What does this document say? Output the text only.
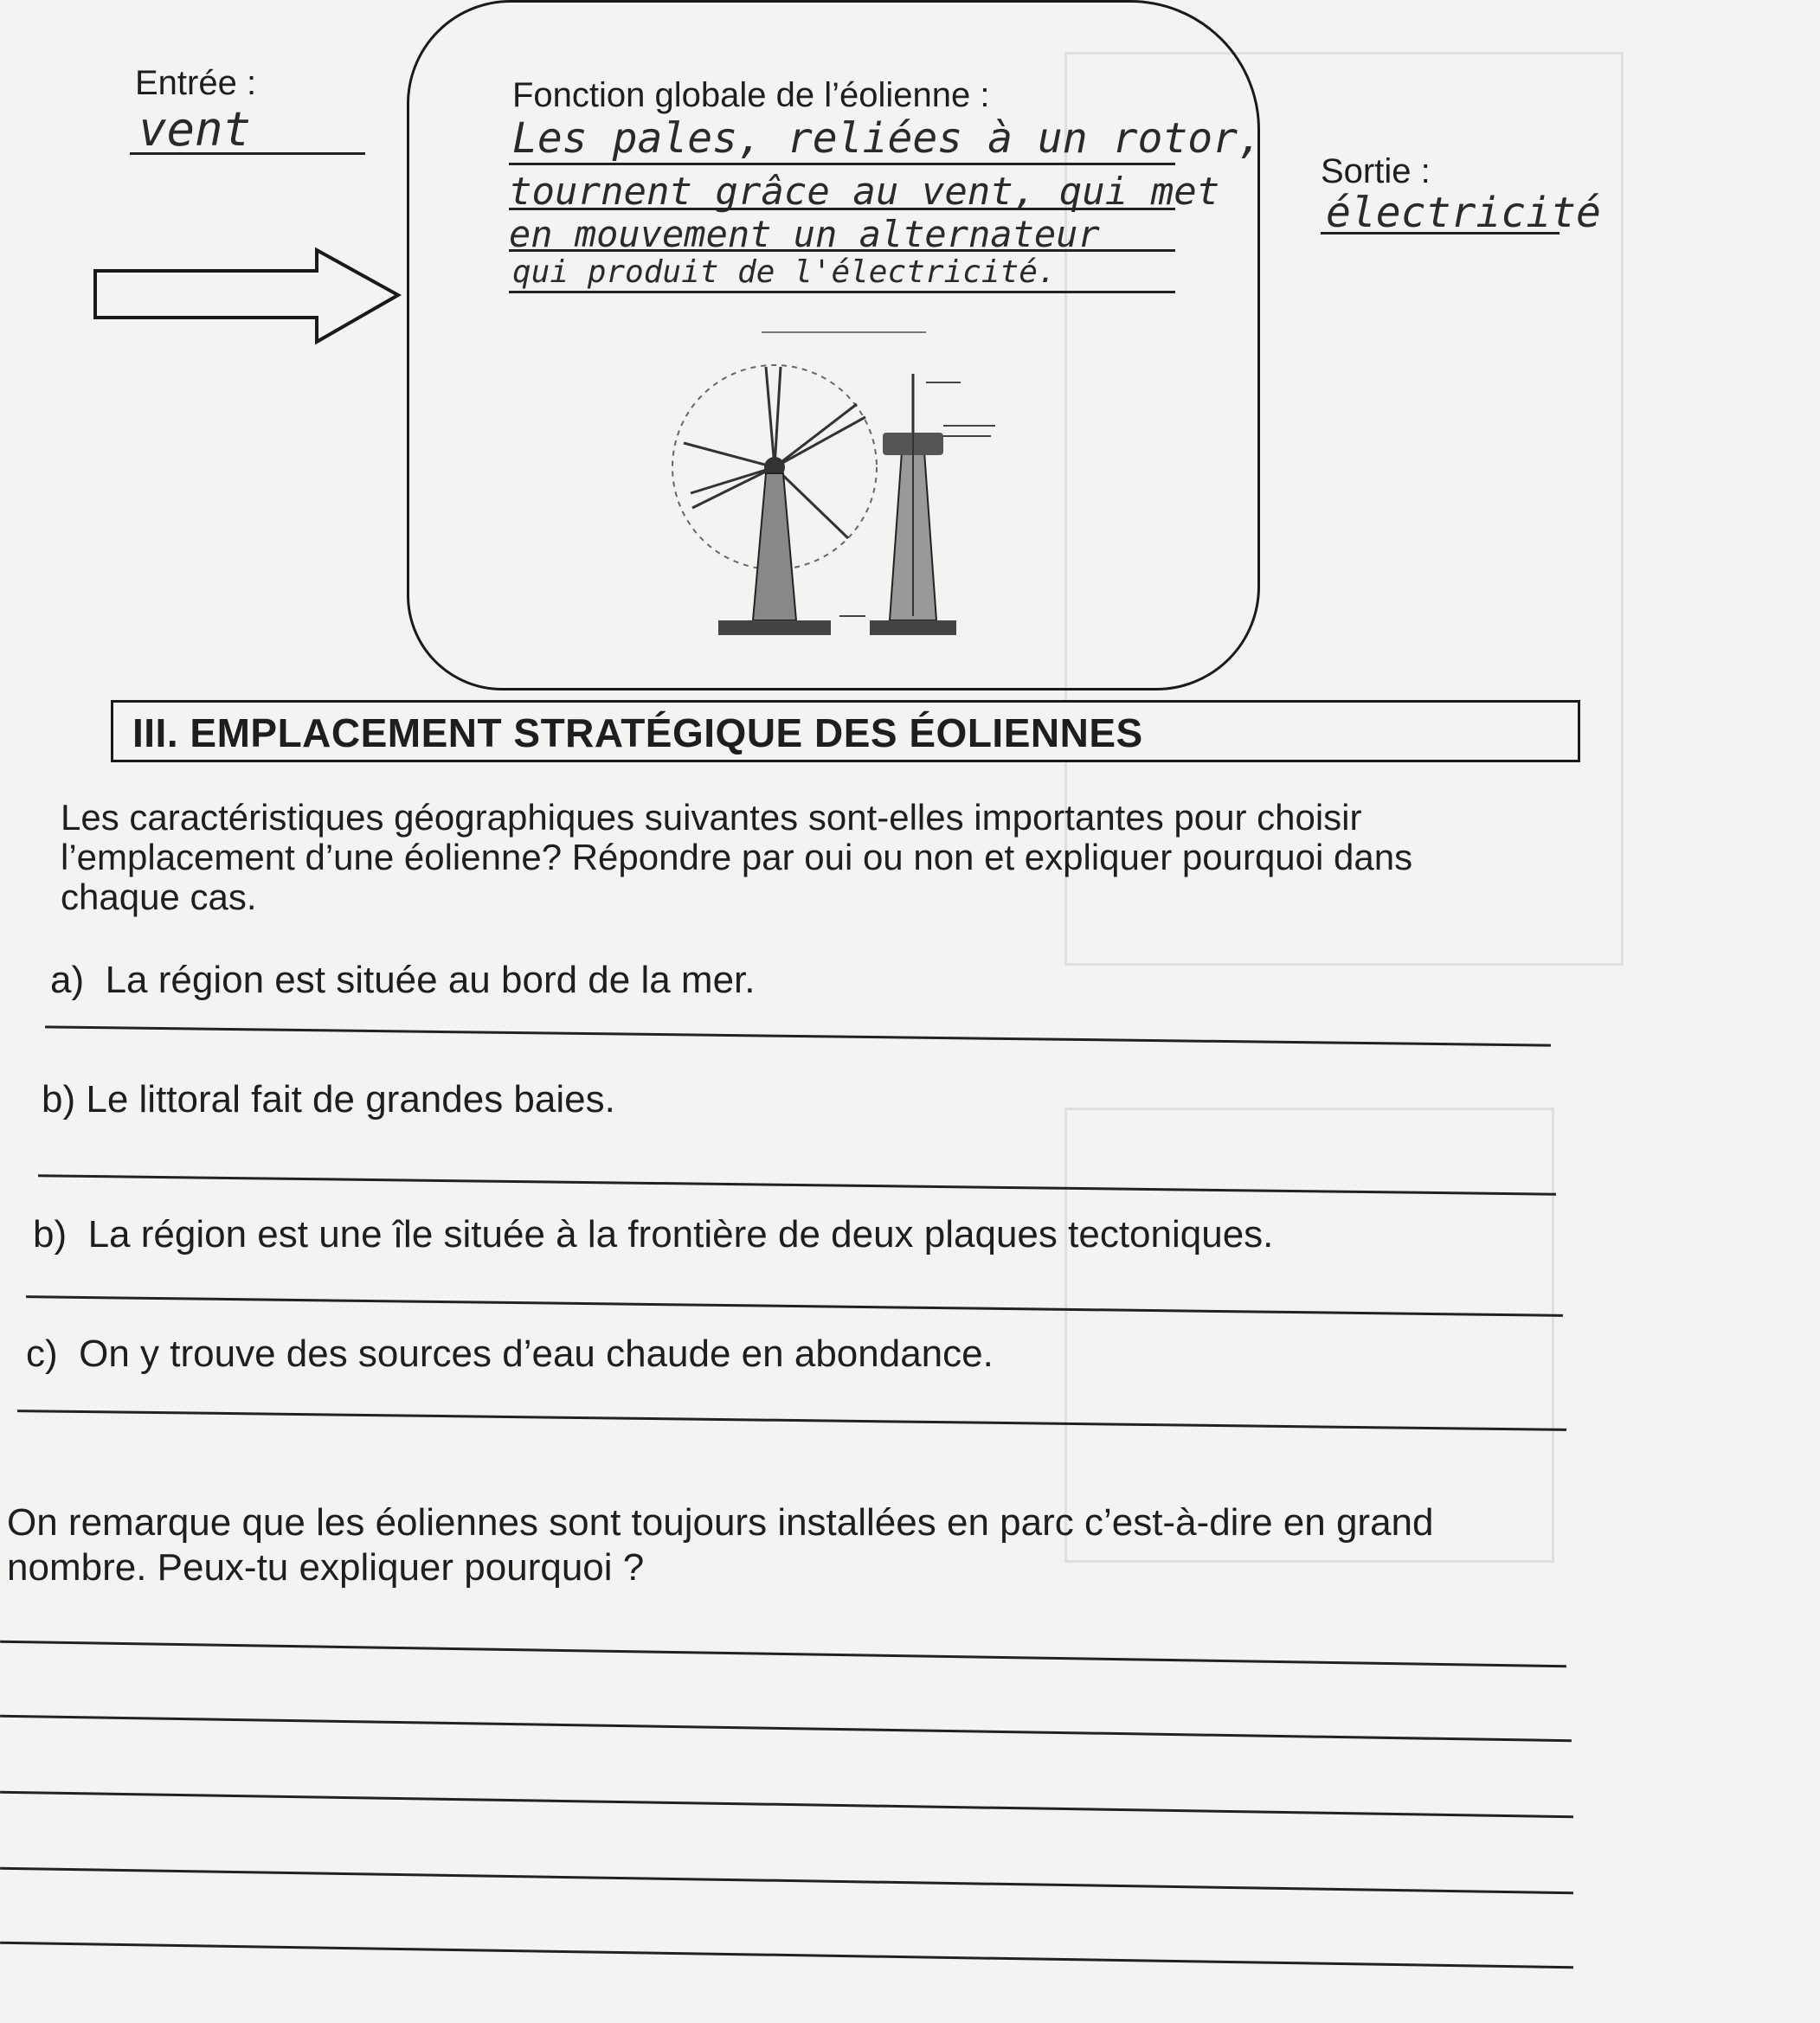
Entrée :
vent
Fonction globale de l’éolienne :
Les pales, reliées à un rotor,
tournent grâce au vent, qui met
en mouvement un alternateur
qui produit de l'électricité.
Sortie :
électricité
III. EMPLACEMENT STRATÉGIQUE DES ÉOLIENNES
Les caractéristiques géographiques suivantes sont-elles importantes pour choisir
l’emplacement d’une éolienne? Répondre par oui ou non et expliquer pourquoi dans
chaque cas.
a) La région est située au bord de la mer.
b) Le littoral fait de grandes baies.
b) La région est une île située à la frontière de deux plaques tectoniques.
c) On y trouve des sources d’eau chaude en abondance.
On remarque que les éoliennes sont toujours installées en parc c’est-à-dire en grand
nombre. Peux-tu expliquer pourquoi ?
